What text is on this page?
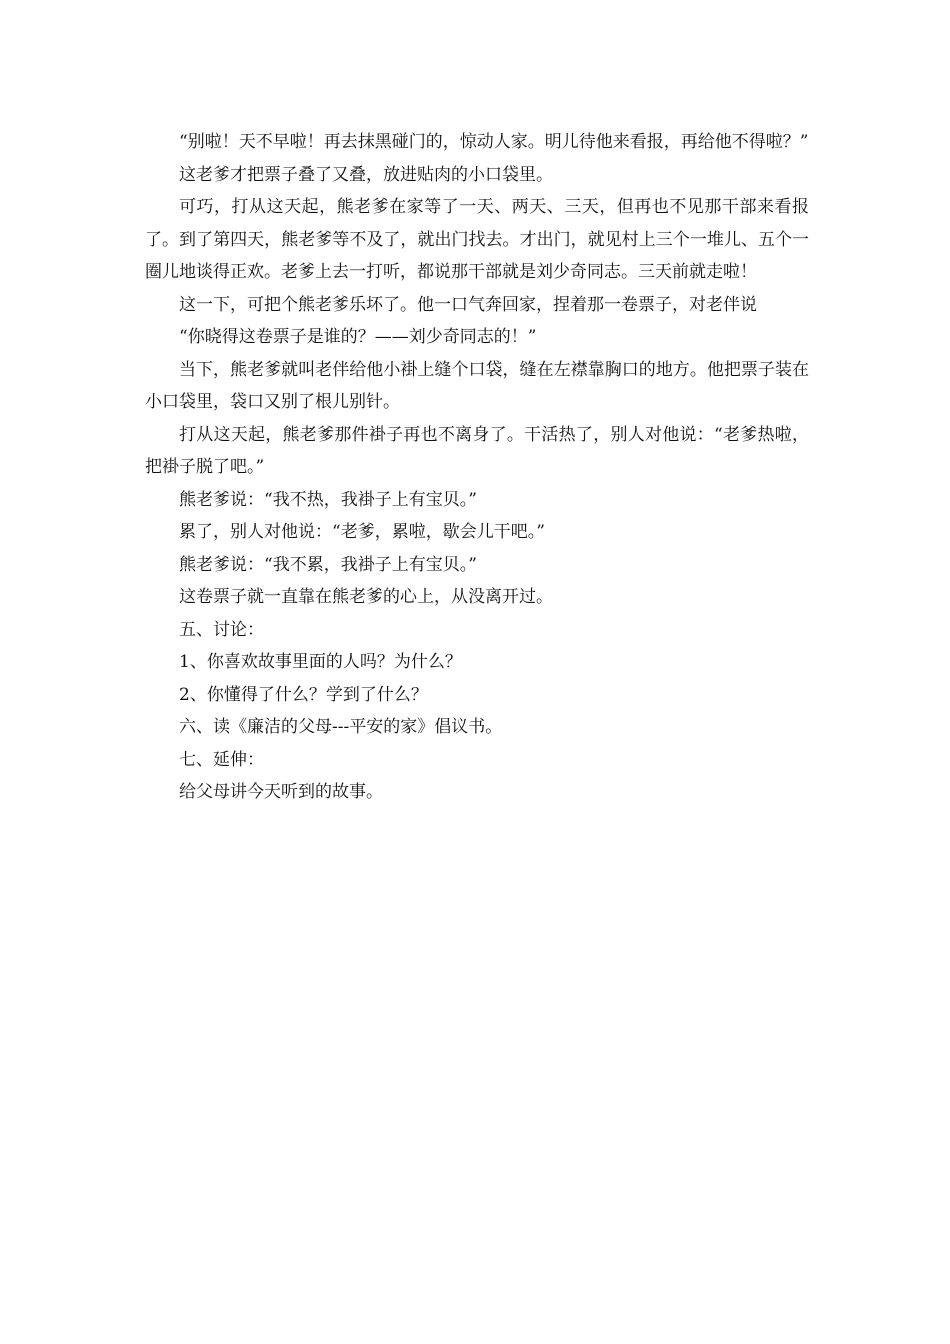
“别啦！天不早啦！再去抹黑碰门的，惊动人家。明儿待他来看报，再给他不得啦？”

这老爹才把票子叠了又叠，放进贴肉的小口袋里。

可巧，打从这天起，熊老爹在家等了一天、两天、三天，但再也不见那干部来看报了。到了第四天，熊老爹等不及了，就出门找去。才出门，就见村上三个一堆儿、五个一圈儿地谈得正欢。老爹上去一打听，都说那干部就是刘少奇同志。三天前就走啦！

这一下，可把个熊老爹乐坏了。他一口气奔回家，捏着那一卷票子，对老伴说

“你晓得这卷票子是谁的？——刘少奇同志的！”

当下，熊老爹就叫老伴给他小褂上缝个口袋，缝在左襟靠胸口的地方。他把票子装在小口袋里，袋口又别了根儿别针。

打从这天起，熊老爹那件褂子再也不离身了。干活热了，别人对他说：“老爹热啦，把褂子脱了吧。”

熊老爹说：“我不热，我褂子上有宝贝。”

累了，别人对他说：“老爹，累啦，歇会儿干吧。”

熊老爹说：“我不累，我褂子上有宝贝。”

这卷票子就一直靠在熊老爹的心上，从没离开过。

五、讨论：

1、你喜欢故事里面的人吗？为什么？

2、你懂得了什么？学到了什么？

六、读《廉洁的父母---平安的家》倡议书。

七、延伸：

给父母讲今天听到的故事。
